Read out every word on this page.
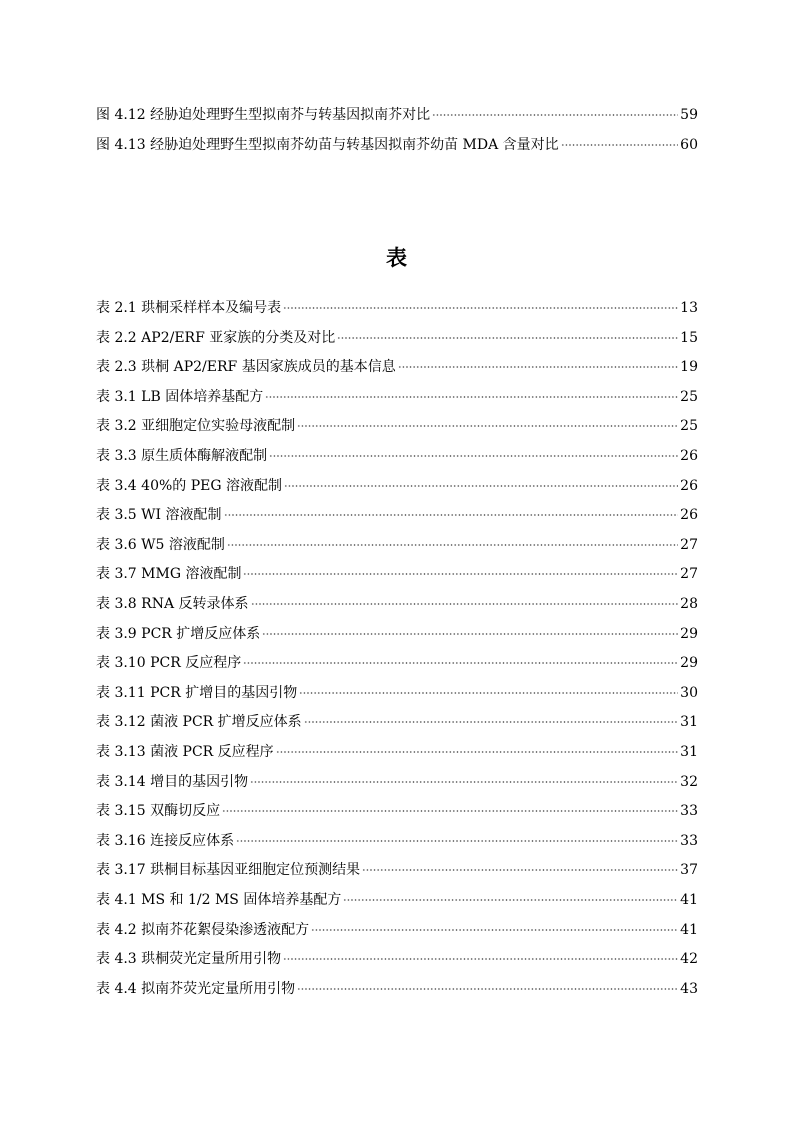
图 4.12 经胁迫处理野生型拟南芥与转基因拟南芥对比	59
图 4.13 经胁迫处理野生型拟南芥幼苗与转基因拟南芥幼苗 MDA 含量对比	60
表
表 2.1 珙桐采样样本及编号表	13
表 2.2 AP2/ERF 亚家族的分类及对比	15
表 2.3 珙桐 AP2/ERF 基因家族成员的基本信息	19
表 3.1 LB 固体培养基配方	25
表 3.2 亚细胞定位实验母液配制	25
表 3.3 原生质体酶解液配制	26
表 3.4 40%的 PEG 溶液配制	26
表 3.5 WI 溶液配制	26
表 3.6 W5 溶液配制	27
表 3.7 MMG 溶液配制	27
表 3.8 RNA 反转录体系	28
表 3.9 PCR 扩增反应体系	29
表 3.10 PCR 反应程序	29
表 3.11 PCR 扩增目的基因引物	30
表 3.12 菌液 PCR 扩增反应体系	31
表 3.13 菌液 PCR 反应程序	31
表 3.14 增目的基因引物	32
表 3.15 双酶切反应	33
表 3.16 连接反应体系	33
表 3.17 珙桐目标基因亚细胞定位预测结果	37
表 4.1 MS 和 1/2 MS 固体培养基配方	41
表 4.2 拟南芥花絮侵染渗透液配方	41
表 4.3 珙桐荧光定量所用引物	42
表 4.4 拟南芥荧光定量所用引物	43
